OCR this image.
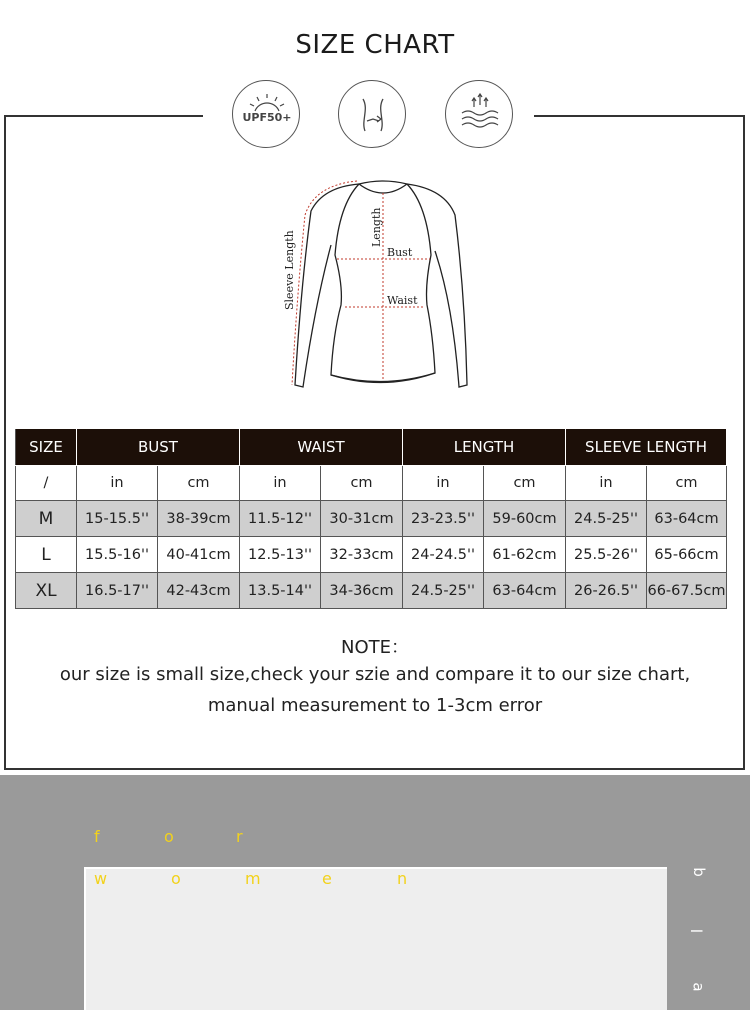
SIZE CHART
UPF50+
Sleeve Length
Length
Bust
Waist
SIZE	BUST		WAIST		LENGTH		SLEEVE LENGTH	
/	in	cm	in	cm	in	cm	in	cm
M	15-15.5''	38-39cm	11.5-12''	30-31cm	23-23.5''	59-60cm	24.5-25''	63-64cm
L	15.5-16''	40-41cm	12.5-13''	32-33cm	24-24.5''	61-62cm	25.5-26''	65-66cm
XL	16.5-17''	42-43cm	13.5-14''	34-36cm	24.5-25''	63-64cm	26-26.5''	66-67.5cm
NOTE：
our size is small size,check your szie and compare it to our size chart,
manual measurement to 1-3cm error
f	o	r
w	o	m	e	n	b
l
a
